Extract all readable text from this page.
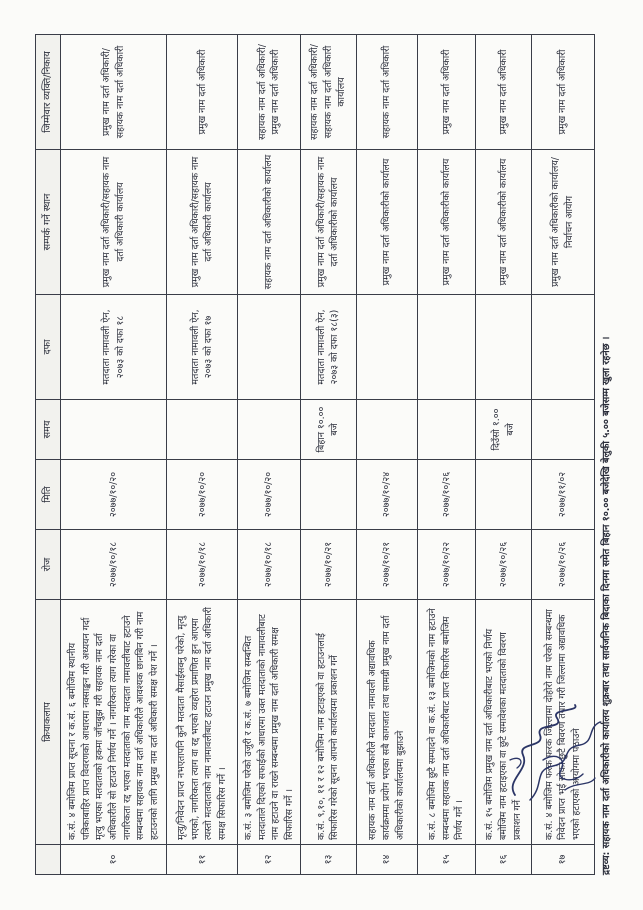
	क्रियाकलाप	रोज	मिति	समय	दफा	सम्पर्क गर्ने स्थान	जिम्मेवार व्यक्ति/निकाय
१०	क.सं. ४ बमोजिम प्राप्त सूचना र क.सं. ६ बमोजिम स्थानीय पत्रिकाबाहिर प्राप्त विवरणको आधारमा नक्साङ्कन गरी अध्ययन गर्दा मृत्यु भएका मतदाताको हकमा जाँचबुझ गरी सहायक नाम दर्ता अधिकारीले सो हटाउने निर्णय गर्ने । नागरिकता त्याग गरेका वा नागरिकता रद्द भएका मतदाताको नाम मतदाता नामावलीबाट हटाउने सम्बन्धमा सहायक नाम दर्ता अधिकारीले आवश्यक छानबिन गरी नाम हटाउनको लागि प्रमुख नाम दर्ता अधिकारी समक्ष पेश गर्ने ।	२०७७/१०/१८	२०७७/१०/२०		मतदाता नामावली ऐन, २०७३ को दफा १८	प्रमुख नाम दर्ता अधिकारी/सहायक नाम दर्ता अधिकारी कार्यालय	प्रमुख नाम दर्ता अधिकारी/सहायक नाम दर्ता अधिकारी
११	मृत्यु/निवेदन प्राप्त नभएतापनि कुनै मतदाता मैसाईसक्नु परेको, मृत्यु भएको, नागरिकता त्याग वा रद्द भएको व्यहोरा प्रमाणित हुन आएमा त्यस्तो मतदाताको नाम नामावलीबाट हटाउन प्रमुख नाम दर्ता अधिकारी समक्ष सिफारिस गर्ने ।	२०७७/१०/१८	२०७७/१०/२०		मतदाता नामावली ऐन, २०७३ को दफा १७	प्रमुख नाम दर्ता अधिकारी/सहायक नाम दर्ता अधिकारी कार्यालय	प्रमुख नाम दर्ता अधिकारी
१२	क.सं. ३ बमोजिम परेको उजुरी र क.सं. ७ बमोजिम सम्बन्धित मतदाताले दिएको सफाईको आधारमा उक्त मतदाताको नामावलीबाट नाम हटाउने वा राख्ने सम्बन्धमा प्रमुख नाम दर्ता अधिकारी समक्ष सिफारिस गर्ने ।	२०७७/१०/१८	२०७७/१०/२०			सहायक नाम दर्ता अधिकारीको कार्यालय	सहायक नाम दर्ता अधिकारी/प्रमुख नाम दर्ता अधिकारी
१३	क.सं. ९,१०, ११ र १२ बमोजिम नाम हटाइएको वा हटाउनलाई सिफारिस गरेको सूचना आफ्नो कार्यालयमा प्रकाशन गर्ने	२०७७/१०/२१		बिहान १०.०० बजे	मतदाता नामावली ऐन, २०७३ को दफा १८(३)	प्रमुख नाम दर्ता अधिकारी/सहायक नाम दर्ता अधिकारीको कार्यालय	सहायक नाम दर्ता अधिकारी/सहायक नाम दर्ता अधिकारी कार्यालय
१४	सहायक नाम दर्ता अधिकारीले मतदाता नामावली अद्यावधिक कार्यक्रममा प्रयोग भएका सबै कागजात तथा सामग्री प्रमुख नाम दर्ता अधिकारीको कार्यालयमा बुझाउने	२०७७/१०/२१	२०७७/१०/२४			प्रमुख नाम दर्ता अधिकारीको कार्यालय	सहायक नाम दर्ता अधिकारी
१५	क.सं. ८ बमोजिम छुटै सम्पादने वा क.सं. १३ बमोजिमको नाम हटाउने सम्बन्धमा सहायक नाम दर्ता अधिकारीबाट प्राप्त सिफारिस बमोजिम निर्णय गर्ने ।	२०७७/१०/२२	२०७७/१०/२६			प्रमुख नाम दर्ता अधिकारीको कार्यालय	प्रमुख नाम दर्ता अधिकारी
१६	क.सं. १५ बमोजिम प्रमुख नाम दर्ता अधिकारीबाट भएको निर्णय बमोजिम नाम हटाइएका वा छुटे समावेशका मतदाताको विवरण प्रकाशन गर्ने	२०७७/१०/२६		दिउँसो १.०० बजे		प्रमुख नाम दर्ता अधिकारीको कार्यालय	प्रमुख नाम दर्ता अधिकारी
१७	क.सं. ४ बमोजिम फरक फरक जिल्लामा दोहोरो नाम परेको सम्बन्धमा निवेदन प्राप्त भई सोको छुटै बिवरण तयार गरी जिल्लामा अद्यावधिक भएको हटाएको आयोगमा पठाउने	२०७७/१०/२६	२०७७/११/०२			प्रमुख नाम दर्ता अधिकारीको कार्यालय/निर्वाचन आयोग	प्रमुख नाम दर्ता अधिकारी
द्रष्टव्य: सहायक नाम दर्ता अधिकारीको कार्यालय शुक्रबार तथा सार्वजनिक बिदाका दिनमा समेत बिहान १०.०० बजेदेखि बेलुकी ५.०० बजेसम्म खुला रहनेछ ।
